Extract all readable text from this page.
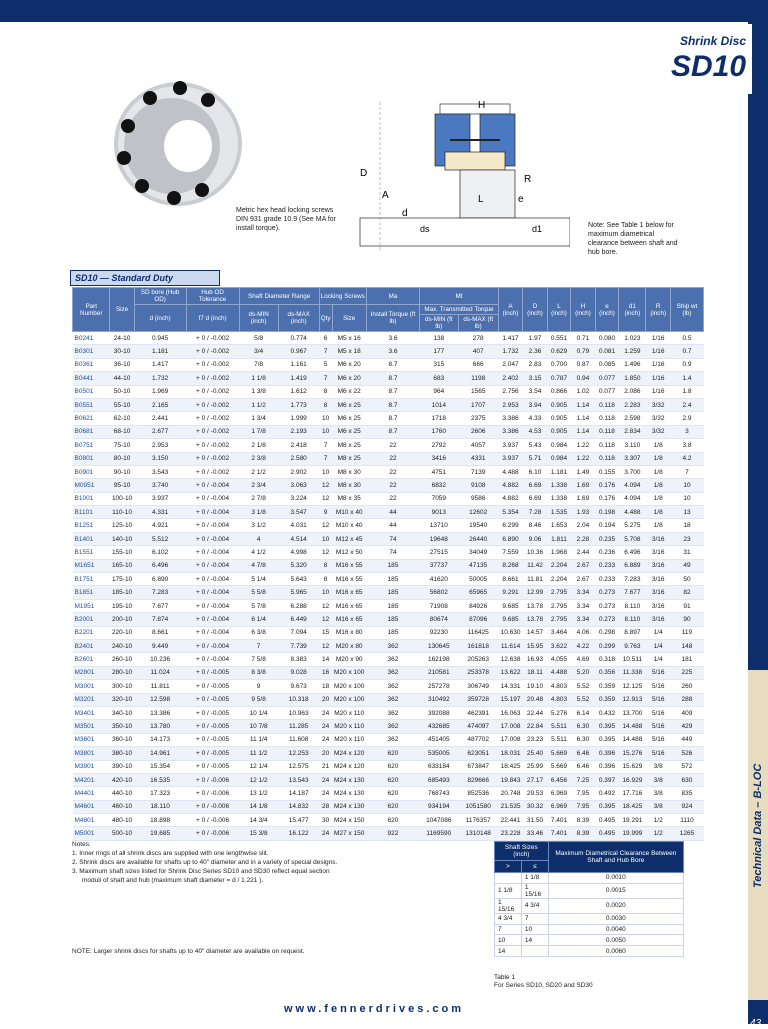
Technical Data – B-LOC
43
Shrink Disc
SD10
Metric hex head locking screws DIN 931 grade 10.9 (See MA for install torque).
H
D
A
R
L	e
d
ds	d1	Note: See Table 1 below for maximum diametrical clearance between shaft and hub bore.
SD10 — Standard Duty
Part Number	Size	SD bore (Hub OD)	Hub OD Tolerance	Shaft Diameter Range		Locking Screws		Ma	Mt		A (inch)	D (inch)	L (inch)	H (inch)	e (inch)	d1 (inch)	R (inch)	Ship wt (lb)
		d (inch)	f7 d (inch)	ds-MIN (inch)	ds-MAX (inch)	Qty	Size	Install Torque (ft lb)	Max. Transmitted Torque									
									ds-MIN (ft lb)	ds-MAX (ft lb)								
B0241	24-10	0.945	+ 0 / -0.002	5/8	0.774	6	M5 x 16	3.6	138	278	1.417	1.97	0.551	0.71	0.080	1.023	1/16	0.5
B0301	30-10	1.181	+ 0 / -0.002	3/4	0.967	7	M5 x 18	3.6	177	407	1.732	2.36	0.629	0.79	0.081	1.259	1/16	0.7
B0361	36-10	1.417	+ 0 / -0.002	7/8	1.161	5	M6 x 20	8.7	315	666	2.047	2.83	0.700	0.87	0.085	1.496	1/16	0.9
B0441	44-10	1.732	+ 0 / -0.002	1 1/8	1.419	7	M6 x 20	8.7	683	1198	2.402	3.15	0.787	0.94	0.077	1.850	1/16	1.4
B0501	50-10	1.969	+ 0 / -0.002	1 3/8	1.612	8	M6 x 22	8.7	964	1565	2.756	3.54	0.866	1.02	0.077	2.086	1/16	1.8
B0551	55-10	2.165	+ 0 / -0.002	1 1/2	1.773	8	M6 x 25	8.7	1014	1707	2.953	3.94	0.905	1.14	0.118	2.283	3/32	2.4
B0621	62-10	2.441	+ 0 / -0.002	1 3/4	1.999	10	M6 x 25	8.7	1718	2375	3.386	4.33	0.905	1.14	0.118	2.598	3/32	2.9
B0681	68-10	2.677	+ 0 / -0.002	1 7/8	2.193	10	M6 x 25	8.7	1760	2606	3.386	4.53	0.905	1.14	0.118	2.834	3/32	3
B0751	75-10	2.953	+ 0 / -0.002	2 1/8	2.418	7	M8 x 25	22	2792	4057	3.937	5.43	0.984	1.22	0.118	3.110	1/8	3.8
B0801	80-10	3.150	+ 0 / -0.002	2 3/8	2.580	7	M8 x 25	22	3416	4331	3.937	5.71	0.984	1.22	0.118	3.307	1/8	4.2
B0901	90-10	3.543	+ 0 / -0.002	2 1/2	2.902	10	M8 x 30	22	4751	7139	4.488	6.10	1.181	1.49	0.155	3.700	1/8	7
M0951	95-10	3.740	+ 0 / -0.004	2 3/4	3.063	12	M8 x 30	22	6832	9108	4.882	6.69	1.338	1.69	0.176	4.094	1/8	10
B1001	100-10	3.937	+ 0 / -0.004	2 7/8	3.224	12	M8 x 35	22	7059	9586	4.882	6.69	1.338	1.69	0.176	4.094	1/8	10
B1101	110-10	4.331	+ 0 / -0.004	3 1/8	3.547	9	M10 x 40	44	9013	12602	5.354	7.28	1.535	1.93	0.198	4.488	1/8	13
B1251	125-10	4.921	+ 0 / -0.004	3 1/2	4.031	12	M10 x 40	44	13710	19540	6.299	8.46	1.653	2.04	0.194	5.275	1/8	18
B1401	140-10	5.512	+ 0 / -0.004	4	4.514	10	M12 x 45	74	19648	26440	6.890	9.06	1.811	2.28	0.235	5.708	3/16	23
B1551	155-10	6.102	+ 0 / -0.004	4 1/2	4.998	12	M12 x 50	74	27515	34049	7.559	10.36	1.968	2.44	0.236	6.496	3/16	31
M1651	165-10	6.496	+ 0 / -0.004	4 7/8	5.320	8	M16 x 55	185	37737	47135	8.268	11.42	2.204	2.67	0.233	6.889	3/16	49
B1751	175-10	6.890	+ 0 / -0.004	5 1/4	5.643	8	M16 x 55	185	41620	50005	8.661	11.81	2.204	2.67	0.233	7.283	3/16	50
B1851	185-10	7.283	+ 0 / -0.004	5 5/8	5.965	10	M16 x 65	185	56802	65965	9.291	12.99	2.795	3.34	0.273	7.677	3/16	82
M1951	195-10	7.677	+ 0 / -0.004	5 7/8	6.288	12	M16 x 65	185	71908	84926	9.685	13.78	2.795	3.34	0.273	8.110	3/16	91
B2001	200-10	7.874	+ 0 / -0.004	6 1/4	6.449	12	M16 x 65	185	80674	87096	9.685	13.78	2.795	3.34	0.273	8.110	3/16	90
B2201	220-10	8.661	+ 0 / -0.004	6 3/8	7.094	15	M16 x 80	185	92230	116425	10.630	14.57	3.464	4.06	0.298	8.897	1/4	119
B2401	240-10	9.449	+ 0 / -0.004	7	7.739	12	M20 x 80	362	130645	161818	11.614	15.95	3.622	4.22	0.299	9.763	1/4	148
B2601	260-10	10.236	+ 0 / -0.004	7 5/8	8.383	14	M20 x 90	362	162198	205263	12.638	16.93	4.055	4.69	0.318	10.511	1/4	181
M2801	280-10	11.024	+ 0 / -0.005	8 3/8	9.028	16	M20 x 100	362	210581	253378	13.622	18.11	4.488	5.20	0.356	11.338	5/16	225
M3001	300-10	11.811	+ 0 / -0.005	9	9.673	18	M20 x 100	362	257278	306749	14.331	19.10	4.803	5.52	0.359	12.125	5/16	260
M3201	320-10	12.598	+ 0 / -0.005	9 5/8	10.318	20	M20 x 100	362	310492	359728	15.197	20.48	4.803	5.52	0.359	12.913	5/16	288
M3401	340-10	13.386	+ 0 / -0.005	10 1/4	10.963	24	M20 x 110	362	392088	462391	16.063	22.44	5.276	6.14	0.432	13.700	5/16	409
M3501	350-10	13.780	+ 0 / -0.005	10 7/8	11.285	24	M20 x 110	362	432685	474097	17.008	22.84	5.511	6.30	0.395	14.488	5/16	429
M3601	360-10	14.173	+ 0 / -0.005	11 1/4	11.608	24	M20 x 110	362	451405	487702	17.008	23.23	5.511	6.30	0.395	14.488	5/16	449
M3801	380-10	14.961	+ 0 / -0.005	11 1/2	12.253	20	M24 x 120	620	535005	623051	18.031	25.40	5.669	6.46	0.396	15.276	5/16	526
M3901	390-10	15.354	+ 0 / -0.005	12 1/4	12.575	21	M24 x 120	620	633184	673847	18.425	25.99	5.669	6.46	0.396	15.629	3/8	572
M4201	420-10	16.535	+ 0 / -0.006	12 1/2	13.543	24	M24 x 130	620	685493	829666	19.843	27.17	6.456	7.25	0.397	16.929	3/8	630
M4401	440-10	17.323	+ 0 / -0.006	13 1/2	14.187	24	M24 x 130	620	768743	852536	20.748	29.53	6.969	7.95	0.492	17.716	3/8	835
M4601	460-10	18.110	+ 0 / -0.006	14 1/8	14.832	28	M24 x 130	620	934194	1051580	21.535	30.32	6.969	7.95	0.395	18.425	3/8	924
M4801	480-10	18.898	+ 0 / -0.006	14 3/4	15.477	30	M24 x 150	620	1047086	1176357	22.441	31.50	7.401	8.39	0.495	19.291	1/2	1110
M5001	500-10	19.685	+ 0 / -0.006	15 3/8	16.122	24	M27 x 150	922	1169590	1310148	23.228	33.46	7.401	8.39	0.495	19.999	1/2	1265
Notes:
1. Inner rings of all shrink discs are supplied with one lengthwise slit.
2. Shrink discs are available for shafts up to 40" diameter and in a variety of special designs.
3. Maximum shaft sizes listed for Shrink Disc Series SD10 and SD30 reflect equal section
moduli of shaft and hub (maximum shaft diameter = d / 1.221 ).
NOTE: Larger shrink discs for shafts up to 40" diameter are available on request.
Shaft Sizes (inch)		Maximum Diametrical Clearance Between Shaft and Hub Bore
>	≤	
	1 1/8	0.0010
1 1/8	1 15/16	0.0015
1 15/16	4 3/4	0.0020
4 3/4	7	0.0030
7	10	0.0040
10	14	0.0050
14		0.0060
Table 1
For Series SD10, SD20 and SD30
www.fennerdrives.com
